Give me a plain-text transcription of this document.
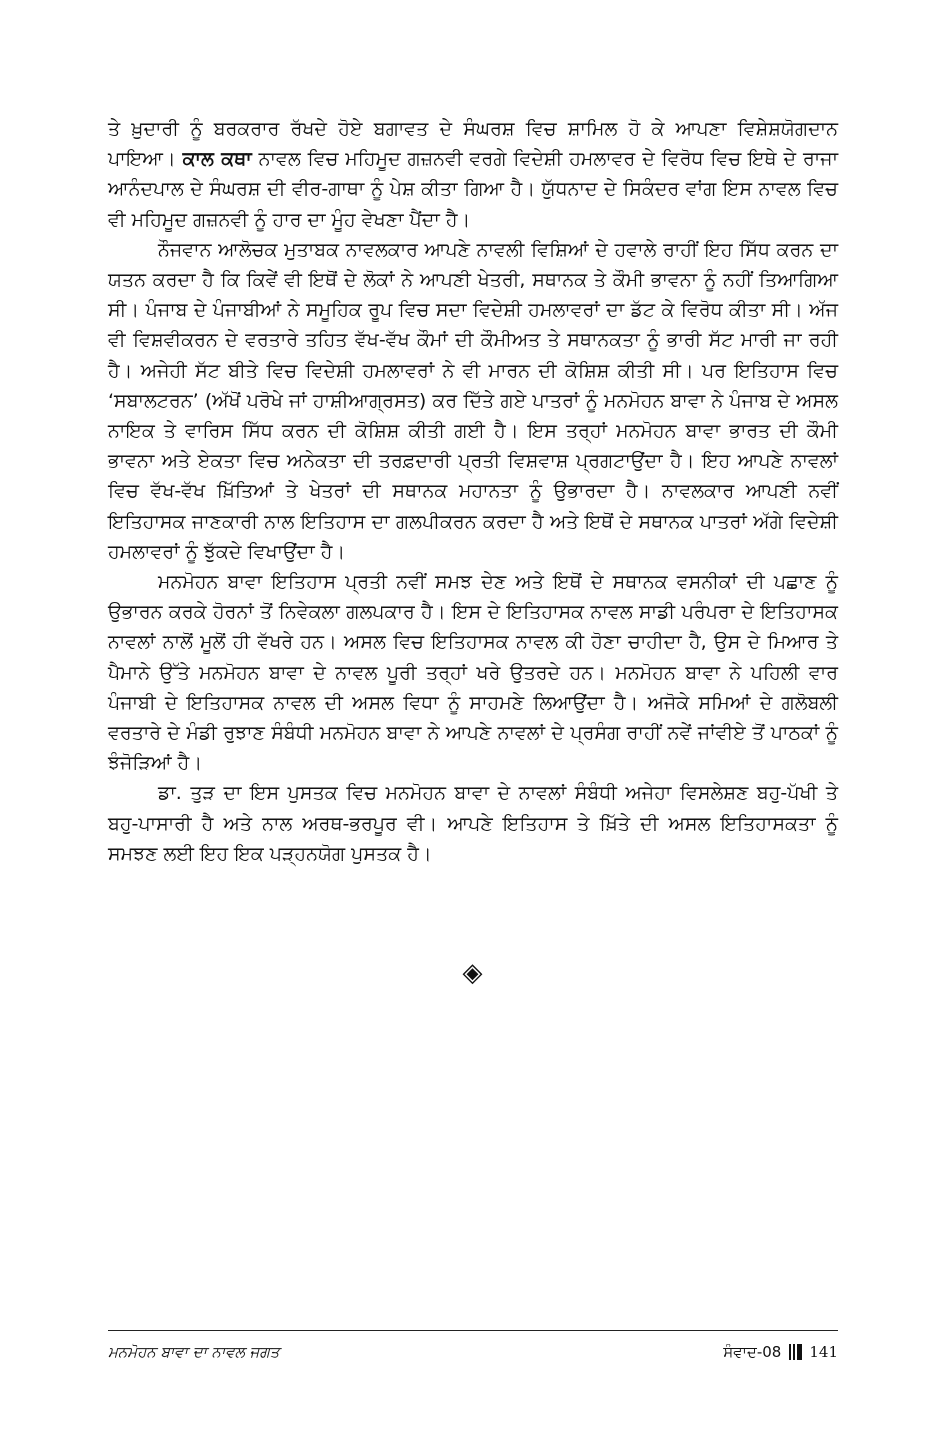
ਤੇ ਖ਼ੁਦਾਰੀ ਨੂੰ ਬਰਕਰਾਰ ਰੱਖਦੇ ਹੋਏ ਬਗਾਵਤ ਦੇ ਸੰਘਰਸ਼ ਵਿਚ ਸ਼ਾਮਿਲ ਹੋ ਕੇ ਆਪਣਾ ਵਿਸ਼ੇਸ਼ਯੋਗਦਾਨ ਪਾਇਆ। ਕਾਲ ਕਥਾ ਨਾਵਲ ਵਿਚ ਮਹਿਮੂਦ ਗਜ਼ਨਵੀ ਵਰਗੇ ਵਿਦੇਸ਼ੀ ਹਮਲਾਵਰ ਦੇ ਵਿਰੋਧ ਵਿਚ ਇਥੇ ਦੇ ਰਾਜਾ ਆਨੰਦਪਾਲ ਦੇ ਸੰਘਰਸ਼ ਦੀ ਵੀਰ-ਗਾਥਾ ਨੂੰ ਪੇਸ਼ ਕੀਤਾ ਗਿਆ ਹੈ। ਯੁੱਧਨਾਦ ਦੇ ਸਿਕੰਦਰ ਵਾਂਗ ਇਸ ਨਾਵਲ ਵਿਚ ਵੀ ਮਹਿਮੂਦ ਗਜ਼ਨਵੀ ਨੂੰ ਹਾਰ ਦਾ ਮੂੰਹ ਵੇਖਣਾ ਪੈਂਦਾ ਹੈ।

ਨੌਜਵਾਨ ਆਲੋਚਕ ਮੁਤਾਬਕ ਨਾਵਲਕਾਰ ਆਪਣੇ ਨਾਵਲੀ ਵਿਸ਼ਿਆਂ ਦੇ ਹਵਾਲੇ ਰਾਹੀਂ ਇਹ ਸਿੱਧ ਕਰਨ ਦਾ ਯਤਨ ਕਰਦਾ ਹੈ ਕਿ ਕਿਵੇਂ ਵੀ ਇਥੋਂ ਦੇ ਲੋਕਾਂ ਨੇ ਆਪਣੀ ਖੇਤਰੀ, ਸਥਾਨਕ ਤੇ ਕੌਮੀ ਭਾਵਨਾ ਨੂੰ ਨਹੀਂ ਤਿਆਗਿਆ ਸੀ। ਪੰਜਾਬ ਦੇ ਪੰਜਾਬੀਆਂ ਨੇ ਸਮੂਹਿਕ ਰੂਪ ਵਿਚ ਸਦਾ ਵਿਦੇਸ਼ੀ ਹਮਲਾਵਰਾਂ ਦਾ ਡੱਟ ਕੇ ਵਿਰੋਧ ਕੀਤਾ ਸੀ। ਅੱਜ ਵੀ ਵਿਸ਼ਵੀਕਰਨ ਦੇ ਵਰਤਾਰੇ ਤਹਿਤ ਵੱਖ-ਵੱਖ ਕੌਮਾਂ ਦੀ ਕੌਮੀਅਤ ਤੇ ਸਥਾਨਕਤਾ ਨੂੰ ਭਾਰੀ ਸੱਟ ਮਾਰੀ ਜਾ ਰਹੀ ਹੈ। ਅਜੇਹੀ ਸੱਟ ਬੀਤੇ ਵਿਚ ਵਿਦੇਸ਼ੀ ਹਮਲਾਵਰਾਂ ਨੇ ਵੀ ਮਾਰਨ ਦੀ ਕੋਸ਼ਿਸ਼ ਕੀਤੀ ਸੀ। ਪਰ ਇਤਿਹਾਸ ਵਿਚ ‘ਸਬਾਲਟਰਨ’ (ਅੱਖੋਂ ਪਰੋਖੇ ਜਾਂ ਹਾਸ਼ੀਆਗ੍ਰਸਤ) ਕਰ ਦਿੱਤੇ ਗਏ ਪਾਤਰਾਂ ਨੂੰ ਮਨਮੋਹਨ ਬਾਵਾ ਨੇ ਪੰਜਾਬ ਦੇ ਅਸਲ ਨਾਇਕ ਤੇ ਵਾਰਿਸ ਸਿੱਧ ਕਰਨ ਦੀ ਕੋਸ਼ਿਸ਼ ਕੀਤੀ ਗਈ ਹੈ। ਇਸ ਤਰ੍ਹਾਂ ਮਨਮੋਹਨ ਬਾਵਾ ਭਾਰਤ ਦੀ ਕੌਮੀ ਭਾਵਨਾ ਅਤੇ ਏਕਤਾ ਵਿਚ ਅਨੇਕਤਾ ਦੀ ਤਰਫ਼ਦਾਰੀ ਪ੍ਰਤੀ ਵਿਸ਼ਵਾਸ਼ ਪ੍ਰਗਟਾਉਂਦਾ ਹੈ। ਇਹ ਆਪਣੇ ਨਾਵਲਾਂ ਵਿਚ ਵੱਖ-ਵੱਖ ਖ਼ਿੱਤਿਆਂ ਤੇ ਖੇਤਰਾਂ ਦੀ ਸਥਾਨਕ ਮਹਾਨਤਾ ਨੂੰ ਉਭਾਰਦਾ ਹੈ। ਨਾਵਲਕਾਰ ਆਪਣੀ ਨਵੀਂ ਇਤਿਹਾਸਕ ਜਾਣਕਾਰੀ ਨਾਲ ਇਤਿਹਾਸ ਦਾ ਗਲਪੀਕਰਨ ਕਰਦਾ ਹੈ ਅਤੇ ਇਥੋਂ ਦੇ ਸਥਾਨਕ ਪਾਤਰਾਂ ਅੱਗੇ ਵਿਦੇਸ਼ੀ ਹਮਲਾਵਰਾਂ ਨੂੰ ਝੁੱਕਦੇ ਵਿਖਾਉਂਦਾ ਹੈ।

ਮਨਮੋਹਨ ਬਾਵਾ ਇਤਿਹਾਸ ਪ੍ਰਤੀ ਨਵੀਂ ਸਮਝ ਦੇਣ ਅਤੇ ਇਥੋਂ ਦੇ ਸਥਾਨਕ ਵਸਨੀਕਾਂ ਦੀ ਪਛਾਣ ਨੂੰ ਉਭਾਰਨ ਕਰਕੇ ਹੋਰਨਾਂ ਤੋਂ ਨਿਵੇਕਲਾ ਗਲਪਕਾਰ ਹੈ। ਇਸ ਦੇ ਇਤਿਹਾਸਕ ਨਾਵਲ ਸਾਡੀ ਪਰੰਪਰਾ ਦੇ ਇਤਿਹਾਸਕ ਨਾਵਲਾਂ ਨਾਲੋਂ ਮੂਲੋਂ ਹੀ ਵੱਖਰੇ ਹਨ। ਅਸਲ ਵਿਚ ਇਤਿਹਾਸਕ ਨਾਵਲ ਕੀ ਹੋਣਾ ਚਾਹੀਦਾ ਹੈ, ਉਸ ਦੇ ਮਿਆਰ ਤੇ ਪੈਮਾਨੇ ਉੱਤੇ ਮਨਮੋਹਨ ਬਾਵਾ ਦੇ ਨਾਵਲ ਪੂਰੀ ਤਰ੍ਹਾਂ ਖਰੇ ਉਤਰਦੇ ਹਨ। ਮਨਮੋਹਨ ਬਾਵਾ ਨੇ ਪਹਿਲੀ ਵਾਰ ਪੰਜਾਬੀ ਦੇ ਇਤਿਹਾਸਕ ਨਾਵਲ ਦੀ ਅਸਲ ਵਿਧਾ ਨੂੰ ਸਾਹਮਣੇ ਲਿਆਉਂਦਾ ਹੈ। ਅਜੋਕੇ ਸਮਿਆਂ ਦੇ ਗਲੋਬਲੀ ਵਰਤਾਰੇ ਦੇ ਮੰਡੀ ਰੁਝਾਣ ਸੰਬੰਧੀ ਮਨਮੋਹਨ ਬਾਵਾ ਨੇ ਆਪਣੇ ਨਾਵਲਾਂ ਦੇ ਪ੍ਰਸੰਗ ਰਾਹੀਂ ਨਵੇਂ ਜਾਂਵੀਏ ਤੋਂ ਪਾਠਕਾਂ ਨੂੰ ਝੰਜੋੜਿਆਂ ਹੈ।

ਡਾ. ਤੁੜ ਦਾ ਇਸ ਪੁਸਤਕ ਵਿਚ ਮਨਮੋਹਨ ਬਾਵਾ ਦੇ ਨਾਵਲਾਂ ਸੰਬੰਧੀ ਅਜੇਹਾ ਵਿਸਲੇਸ਼ਣ ਬਹੁ-ਪੱਖੀ ਤੇ ਬਹੁ-ਪਾਸਾਰੀ ਹੈ ਅਤੇ ਨਾਲ ਅਰਥ-ਭਰਪੂਰ ਵੀ। ਆਪਣੇ ਇਤਿਹਾਸ ਤੇ ਖ਼ਿੱਤੇ ਦੀ ਅਸਲ ਇਤਿਹਾਸਕਤਾ ਨੂੰ ਸਮਝਣ ਲਈ ਇਹ ਇਕ ਪੜ੍ਹਨਯੋਗ ਪੁਸਤਕ ਹੈ।

◈
ਮਨਮੋਹਨ ਬਾਵਾ ਦਾ ਨਾਵਲ ਜਗਤ	ਸੰਵਾਦ-08 141
